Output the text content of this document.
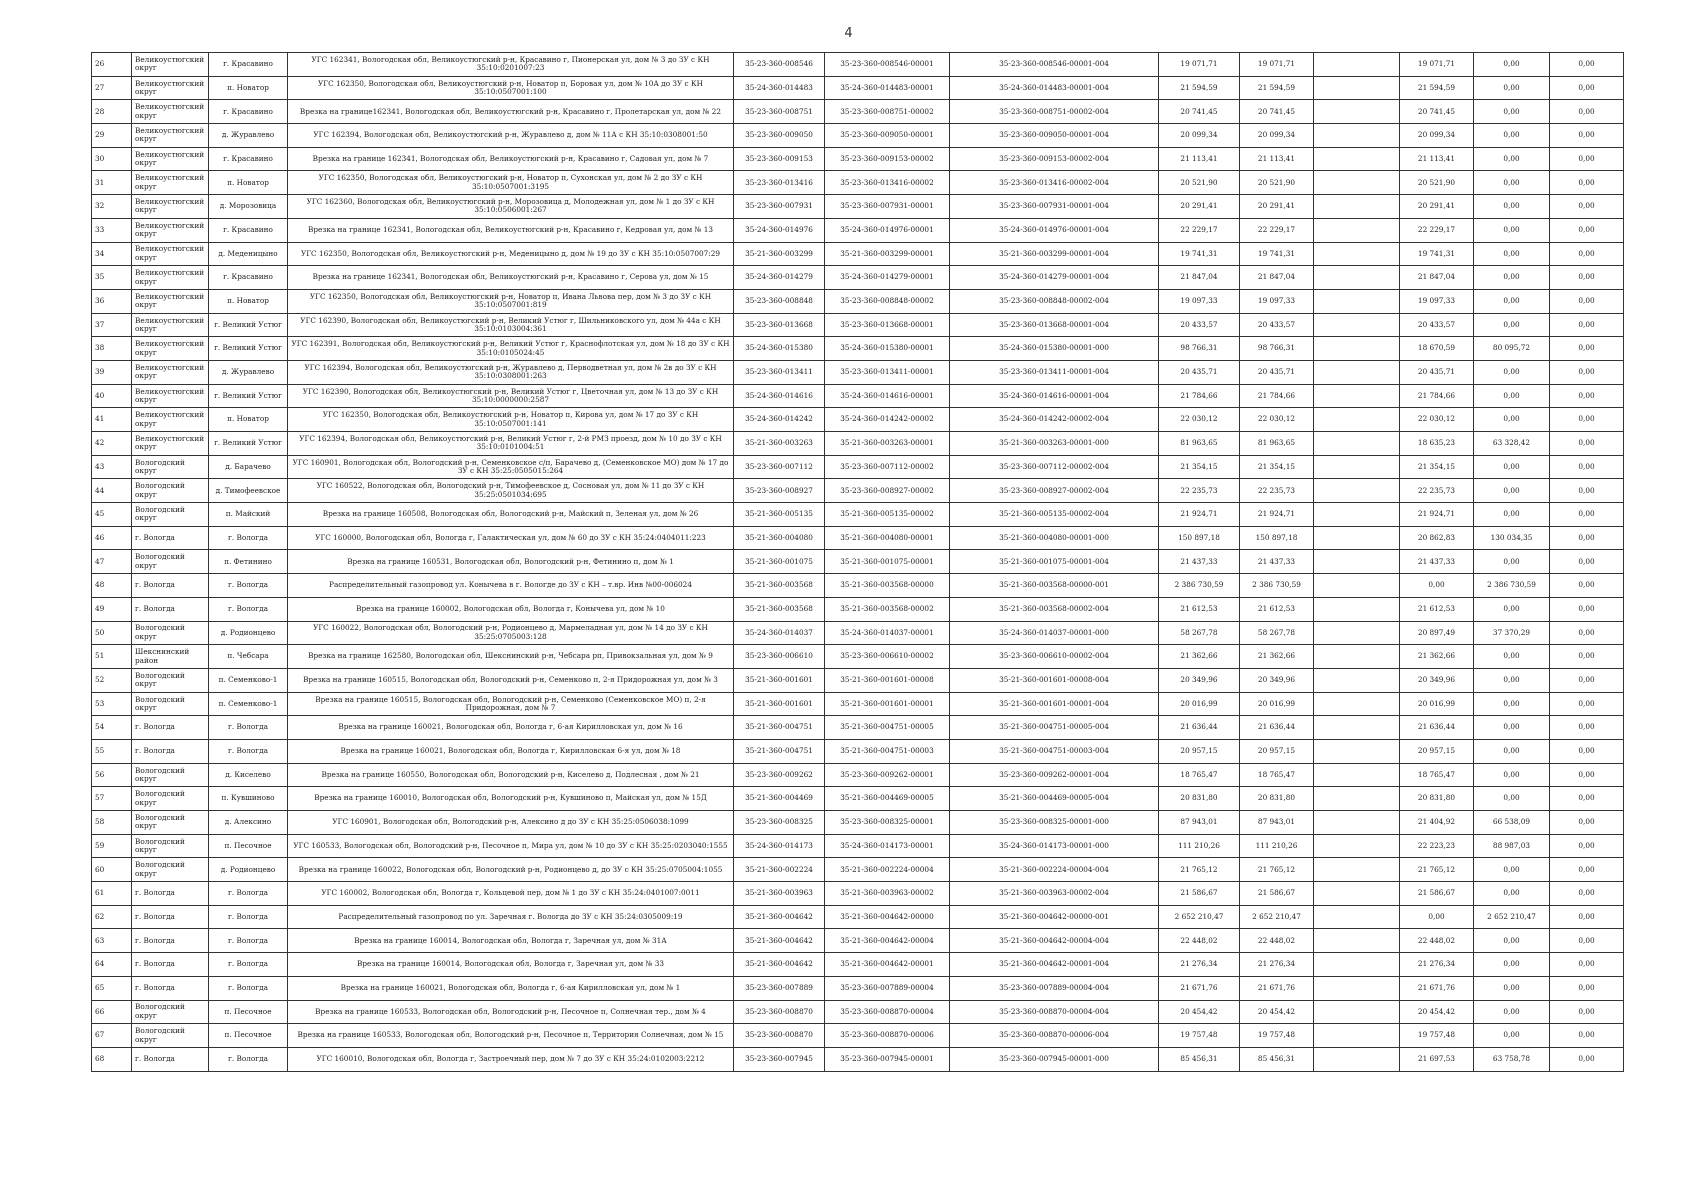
4
26	Великоустюгский округ	г. Красавино	УГС 162341, Вологодская обл, Великоустюгский р-н, Красавино г, Пионерская ул, дом № 3 до ЗУ с КН 35:10:0201007:23	35-23-360-008546	35-23-360-008546-00001	35-23-360-008546-00001-004	19 071,71	19 071,71		19 071,71	0,00	0,00
27	Великоустюгский округ	п. Новатор	УГС 162350, Вологодская обл, Великоустюгский р-н, Новатор п, Боровая ул, дом № 10А до ЗУ с КН 35:10:0507001:100	35-24-360-014483	35-24-360-014483-00001	35-24-360-014483-00001-004	21 594,59	21 594,59		21 594,59	0,00	0,00
28	Великоустюгский округ	г. Красавино	Врезка на границе162341, Вологодская обл, Великоустюгский р-н, Красавино г, Пролетарская ул, дом № 22	35-23-360-008751	35-23-360-008751-00002	35-23-360-008751-00002-004	20 741,45	20 741,45		20 741,45	0,00	0,00
29	Великоустюгский округ	д. Журавлево	УГС 162394, Вологодская обл, Великоустюгский р-н, Журавлево д, дом № 11А с КН 35:10:0308001:50	35-23-360-009050	35-23-360-009050-00001	35-23-360-009050-00001-004	20 099,34	20 099,34		20 099,34	0,00	0,00
30	Великоустюгский округ	г. Красавино	Врезка на границе 162341, Вологодская обл, Великоустюгский р-н, Красавино г, Садовая ул, дом № 7	35-23-360-009153	35-23-360-009153-00002	35-23-360-009153-00002-004	21 113,41	21 113,41		21 113,41	0,00	0,00
31	Великоустюгский округ	п. Новатор	УГС 162350, Вологодская обл, Великоустюгский р-н, Новатор п, Сухонская ул, дом № 2 до ЗУ с КН 35:10:0507001:3195	35-23-360-013416	35-23-360-013416-00002	35-23-360-013416-00002-004	20 521,90	20 521,90		20 521,90	0,00	0,00
32	Великоустюгский округ	д. Морозовица	УГС 162360, Вологодская обл, Великоустюгский р-н, Морозовица д, Молодежная ул, дом № 1 до ЗУ с КН 35:10:0506001:267	35-23-360-007931	35-23-360-007931-00001	35-23-360-007931-00001-004	20 291,41	20 291,41		20 291,41	0,00	0,00
33	Великоустюгский округ	г. Красавино	Врезка на границе 162341, Вологодская обл, Великоустюгский р-н, Красавино г, Кедровая ул, дом № 13	35-24-360-014976	35-24-360-014976-00001	35-24-360-014976-00001-004	22 229,17	22 229,17		22 229,17	0,00	0,00
34	Великоустюгский округ	д. Меденицыно	УГС 162350, Вологодская обл, Великоустюгский р-н, Меденицыно д, дом № 19 до ЗУ с КН 35:10:0507007:29	35-21-360-003299	35-21-360-003299-00001	35-21-360-003299-00001-004	19 741,31	19 741,31		19 741,31	0,00	0,00
35	Великоустюгский округ	г. Красавино	Врезка на границе 162341, Вологодская обл, Великоустюгский р-н, Красавино г, Серова ул, дом № 15	35-24-360-014279	35-24-360-014279-00001	35-24-360-014279-00001-004	21 847,04	21 847,04		21 847,04	0,00	0,00
36	Великоустюгский округ	п. Новатор	УГС 162350, Вологодская обл, Великоустюгский р-н, Новатор п, Ивана Львова пер, дом № 3 до ЗУ с КН 35:10:0507001:819	35-23-360-008848	35-23-360-008848-00002	35-23-360-008848-00002-004	19 097,33	19 097,33		19 097,33	0,00	0,00
37	Великоустюгский округ	г. Великий Устюг	УГС 162390, Вологодская обл, Великоустюгский р-н, Великий Устюг г, Шильниковского ул, дом № 44а с КН 35:10:0103004:361	35-23-360-013668	35-23-360-013668-00001	35-23-360-013668-00001-004	20 433,57	20 433,57		20 433,57	0,00	0,00
38	Великоустюгский округ	г. Великий Устюг	УГС 162391, Вологодская обл, Великоустюгский р-н, Великий Устюг г, Краснофлотская ул, дом № 18 до ЗУ с КН 35:10:0105024:45	35-24-360-015380	35-24-360-015380-00001	35-24-360-015380-00001-000	98 766,31	98 766,31		18 670,59	80 095,72	0,00
39	Великоустюгский округ	д. Журавлево	УГС 162394, Вологодская обл, Великоустюгский р-н, Журавлево д, Перводветная ул, дом № 2в до ЗУ с КН 35:10:0308001:263	35-23-360-013411	35-23-360-013411-00001	35-23-360-013411-00001-004	20 435,71	20 435,71		20 435,71	0,00	0,00
40	Великоустюгский округ	г. Великий Устюг	УГС 162390, Вологодская обл, Великоустюгский р-н, Великий Устюг г, Цветочная ул, дом № 13 до ЗУ с КН 35:10:0000000:2587	35-24-360-014616	35-24-360-014616-00001	35-24-360-014616-00001-004	21 784,66	21 784,66		21 784,66	0,00	0,00
41	Великоустюгский округ	п. Новатор	УГС 162350, Вологодская обл, Великоустюгский р-н, Новатор п, Кирова ул, дом № 17 до ЗУ с КН 35:10:0507001:141	35-24-360-014242	35-24-360-014242-00002	35-24-360-014242-00002-004	22 030,12	22 030,12		22 030,12	0,00	0,00
42	Великоустюгский округ	г. Великий Устюг	УГС 162394, Вологодская обл, Великоустюгский р-н, Великий Устюг г, 2-й РМЗ проезд, дом № 10 до ЗУ с КН 35:10:0101004:51	35-21-360-003263	35-21-360-003263-00001	35-21-360-003263-00001-000	81 963,65	81 963,65		18 635,23	63 328,42	0,00
43	Вологодский округ	д. Барачево	УГС 160901, Вологодская обл, Вологодский р-н, Семенковское с/п, Барачево д, (Семенковское МО) дом № 17 до ЗУ с КН 35:25:0505015:264	35-23-360-007112	35-23-360-007112-00002	35-23-360-007112-00002-004	21 354,15	21 354,15		21 354,15	0,00	0,00
44	Вологодский округ	д. Тимофеевское	УГС 160522, Вологодская обл, Вологодский р-н, Тимофеевское д, Сосновая ул, дом № 11 до ЗУ с КН 35:25:0501034:695	35-23-360-008927	35-23-360-008927-00002	35-23-360-008927-00002-004	22 235,73	22 235,73		22 235,73	0,00	0,00
45	Вологодский округ	п. Майский	Врезка на границе 160508, Вологодская обл, Вологодский р-н, Майский п, Зеленая ул, дом № 26	35-21-360-005135	35-21-360-005135-00002	35-21-360-005135-00002-004	21 924,71	21 924,71		21 924,71	0,00	0,00
46	г. Вологда	г. Вологда	УГС 160000, Вологодская обл, Вологда г, Галактическая ул, дом № 60 до ЗУ с КН 35:24:0404011:223	35-21-360-004080	35-21-360-004080-00001	35-21-360-004080-00001-000	150 897,18	150 897,18		20 862,83	130 034,35	0,00
47	Вологодский округ	п. Фетинино	Врезка на границе 160531, Вологодская обл, Вологодский р-н, Фетинино п, дом № 1	35-21-360-001075	35-21-360-001075-00001	35-21-360-001075-00001-004	21 437,33	21 437,33		21 437,33	0,00	0,00
48	г. Вологда	г. Вологда	Распределительный газопровод ул. Конычева в г. Вологде до ЗУ с КН – т.вр. Инв №00-006024	35-21-360-003568	35-21-360-003568-00000	35-21-360-003568-00000-001	2 386 730,59	2 386 730,59		0,00	2 386 730,59	0,00
49	г. Вологда	г. Вологда	Врезка на границе 160002, Вологодская обл, Вологда г, Конычева ул, дом № 10	35-21-360-003568	35-21-360-003568-00002	35-21-360-003568-00002-004	21 612,53	21 612,53		21 612,53	0,00	0,00
50	Вологодский округ	д. Родионцево	УГС 160022, Вологодская обл, Вологодский р-н, Родионцево д, Мармеладная ул, дом № 14 до ЗУ с КН 35:25:0705003:128	35-24-360-014037	35-24-360-014037-00001	35-24-360-014037-00001-000	58 267,78	58 267,78		20 897,49	37 370,29	0,00
51	Шекснинский район	п. Чебсара	Врезка на границе 162580, Вологодская обл, Шекснинский р-н, Чебсара рп, Привокзальная ул, дом № 9	35-23-360-006610	35-23-360-006610-00002	35-23-360-006610-00002-004	21 362,66	21 362,66		21 362,66	0,00	0,00
52	Вологодский округ	п. Семенково-1	Врезка на границе 160515, Вологодская обл, Вологодский р-н, Семенково п, 2-я Придорожная ул, дом № 3	35-21-360-001601	35-21-360-001601-00008	35-21-360-001601-00008-004	20 349,96	20 349,96		20 349,96	0,00	0,00
53	Вологодский округ	п. Семенково-1	Врезка на границе 160515, Вологодская обл, Вологодский р-н, Семенково (Семенковское МО) п, 2-я Придорожная, дом № 7	35-21-360-001601	35-21-360-001601-00001	35-21-360-001601-00001-004	20 016,99	20 016,99		20 016,99	0,00	0,00
54	г. Вологда	г. Вологда	Врезка на границе 160021, Вологодская обл, Вологда г, 6-ая Кирилловская ул, дом № 16	35-21-360-004751	35-21-360-004751-00005	35-21-360-004751-00005-004	21 636,44	21 636,44		21 636,44	0,00	0,00
55	г. Вологда	г. Вологда	Врезка на границе 160021, Вологодская обл, Вологда г, Кирилловская 6-я ул, дом № 18	35-21-360-004751	35-21-360-004751-00003	35-21-360-004751-00003-004	20 957,15	20 957,15		20 957,15	0,00	0,00
56	Вологодский округ	д. Киселево	Врезка на границе 160550, Вологодская обл, Вологодский р-н, Киселево д, Подлесная , дом № 21	35-23-360-009262	35-23-360-009262-00001	35-23-360-009262-00001-004	18 765,47	18 765,47		18 765,47	0,00	0,00
57	Вологодский округ	п. Кувшиново	Врезка на границе 160010, Вологодская обл, Вологодский р-н, Кувшиново п, Майская ул, дом № 15Д	35-21-360-004469	35-21-360-004469-00005	35-21-360-004469-00005-004	20 831,80	20 831,80		20 831,80	0,00	0,00
58	Вологодский округ	д. Алексино	УГС 160901, Вологодская обл, Вологодский р-н, Алексино д до ЗУ с КН 35:25:0506038:1099	35-23-360-008325	35-23-360-008325-00001	35-23-360-008325-00001-000	87 943,01	87 943,01		21 404,92	66 538,09	0,00
59	Вологодский округ	п. Песочное	УГС 160533, Вологодская обл, Вологодский р-н, Песочное п, Мира ул, дом № 10 до ЗУ с КН 35:25:0203040:1555	35-24-360-014173	35-24-360-014173-00001	35-24-360-014173-00001-000	111 210,26	111 210,26		22 223,23	88 987,03	0,00
60	Вологодский округ	д. Родионцево	Врезка на границе 160022, Вологодская обл, Вологодский р-н, Родионцево д, до ЗУ с КН 35:25:0705004:1055	35-21-360-002224	35-21-360-002224-00004	35-21-360-002224-00004-004	21 765,12	21 765,12		21 765,12	0,00	0,00
61	г. Вологда	г. Вологда	УГС 160002, Вологодская обл, Вологда г, Кольцевой пер, дом № 1 до ЗУ с КН 35:24:0401007:0011	35-21-360-003963	35-21-360-003963-00002	35-21-360-003963-00002-004	21 586,67	21 586,67		21 586,67	0,00	0,00
62	г. Вологда	г. Вологда	Распределительный газопровод по ул. Заречная г. Вологда до ЗУ с КН 35:24:0305009:19	35-21-360-004642	35-21-360-004642-00000	35-21-360-004642-00000-001	2 652 210,47	2 652 210,47		0,00	2 652 210,47	0,00
63	г. Вологда	г. Вологда	Врезка на границе 160014, Вологодская обл, Вологда г, Заречная ул, дом № 31А	35-21-360-004642	35-21-360-004642-00004	35-21-360-004642-00004-004	22 448,02	22 448,02		22 448,02	0,00	0,00
64	г. Вологда	г. Вологда	Врезка на границе 160014, Вологодская обл, Вологда г, Заречная ул, дом № 33	35-21-360-004642	35-21-360-004642-00001	35-21-360-004642-00001-004	21 276,34	21 276,34		21 276,34	0,00	0,00
65	г. Вологда	г. Вологда	Врезка на границе 160021, Вологодская обл, Вологда г, 6-ая Кирилловская ул, дом № 1	35-23-360-007889	35-23-360-007889-00004	35-23-360-007889-00004-004	21 671,76	21 671,76		21 671,76	0,00	0,00
66	Вологодский округ	п. Песочное	Врезка на границе 160533, Вологодская обл, Вологодский р-н, Песочное п, Солнечная тер., дом № 4	35-23-360-008870	35-23-360-008870-00004	35-23-360-008870-00004-004	20 454,42	20 454,42		20 454,42	0,00	0,00
67	Вологодский округ	п. Песочное	Врезка на границе 160533, Вологодская обл, Вологодский р-н, Песочное п, Территория Солнечная, дом № 15	35-23-360-008870	35-23-360-008870-00006	35-23-360-008870-00006-004	19 757,48	19 757,48		19 757,48	0,00	0,00
68	г. Вологда	г. Вологда	УГС 160010, Вологодская обл, Вологда г, Застроечный пер, дом № 7 до ЗУ с КН 35:24:0102003:2212	35-23-360-007945	35-23-360-007945-00001	35-23-360-007945-00001-000	85 456,31	85 456,31		21 697,53	63 758,78	0,00
